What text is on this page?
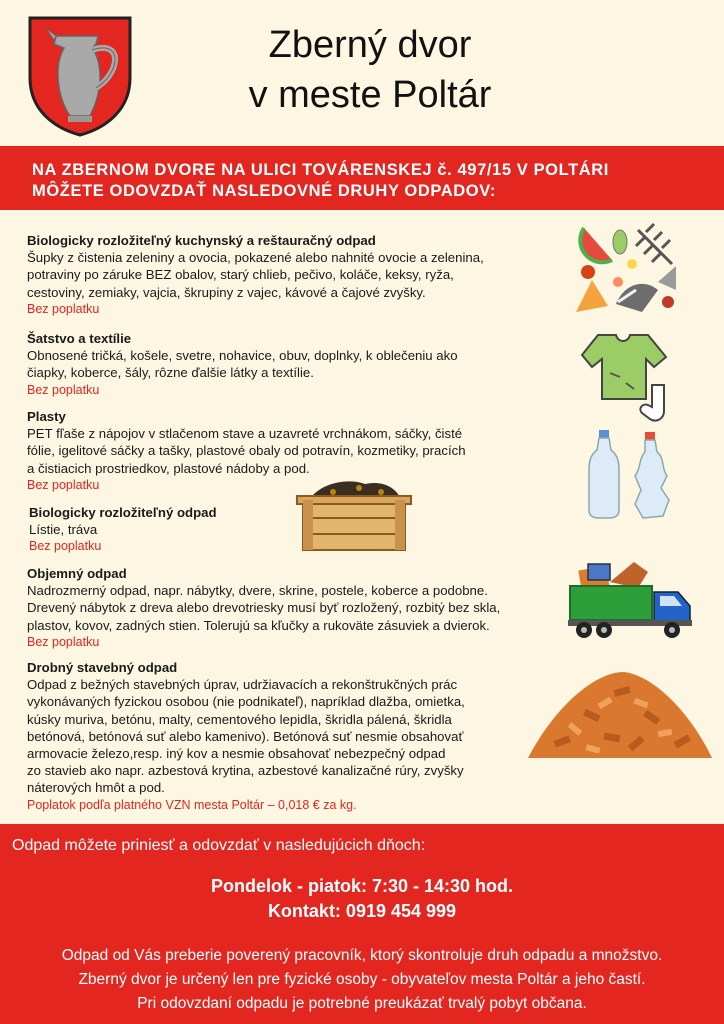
Zberný dvor
v meste Poltár
NA ZBERNOM DVORE NA ULICI TOVÁRENSKEJ č. 497/15 V POLTÁRI
MÔŽETE ODOVZDAŤ NASLEDOVNÉ DRUHY ODPADOV:
Biologicky rozložiteľný kuchynský a reštauračný odpad

Šupky z čistenia zeleniny a ovocia, pokazené alebo nahnité ovocie a zelenina,

potraviny po záruke BEZ obalov, starý chlieb, pečivo, koláče, keksy, ryža,

cestoviny, zemiaky, vajcia, škrupiny z vajec, kávové a čajové zvyšky.

Bez poplatku

Šatstvo a textílie

Obnosené tričká, košele, svetre, nohavice, obuv, doplnky, k oblečeniu ako

čiapky, koberce, šály, rôzne ďalšie látky a textílie.

Bez poplatku

Plasty

PET fľaše z nápojov v stlačenom stave a uzavreté vrchnákom, sáčky, čisté

fólie, igelitové sáčky a tašky, plastové obaly od potravín, kozmetiky, pracích

a čistiacich prostriedkov, plastové nádoby a pod.

Bez poplatku

Biologicky rozložiteľný odpad

Lístie, tráva

Bez poplatku

Objemný odpad

Nadrozmerný odpad, napr. nábytky, dvere, skrine, postele, koberce a podobne.

Drevený nábytok z dreva alebo drevotriesky musí byť rozložený, rozbitý bez skla,

plastov, kovov, zadných stien. Tolerujú sa kľučky a rukoväte zásuviek a dvierok.

Bez poplatku

Drobný stavebný odpad

Odpad z bežných stavebných úprav, udržiavacích a rekonštrukčných prác

vykonávaných fyzickou osobou (nie podnikateľ), napríklad dlažba, omietka,

kúsky muriva, betónu, malty, cementového lepidla, škridla pálená, škridla

betónová, betónová suť alebo kamenivo). Betónová suť nesmie obsahovať

armovacie železo,resp. iný kov a nesmie obsahovať nebezpečný odpad

zo stavieb ako napr. azbestová krytina, azbestové kanalizačné rúry, zvyšky

náterových hmôt a pod.

Poplatok podľa platného VZN mesta Poltár – 0,018 € za kg.

Odpad môžete priniesť a odovzdať v nasledujúcich dňoch:
Pondelok - piatok: 7:30 - 14:30 hod.
Kontakt: 0919 454 999
Odpad od Vás preberie poverený pracovník, ktorý skontroluje druh odpadu a množstvo.
Zberný dvor je určený len pre fyzické osoby - obyvateľov mesta Poltár a jeho častí.
Pri odovzdaní odpadu je potrebné preukázať trvalý pobyt občana.
